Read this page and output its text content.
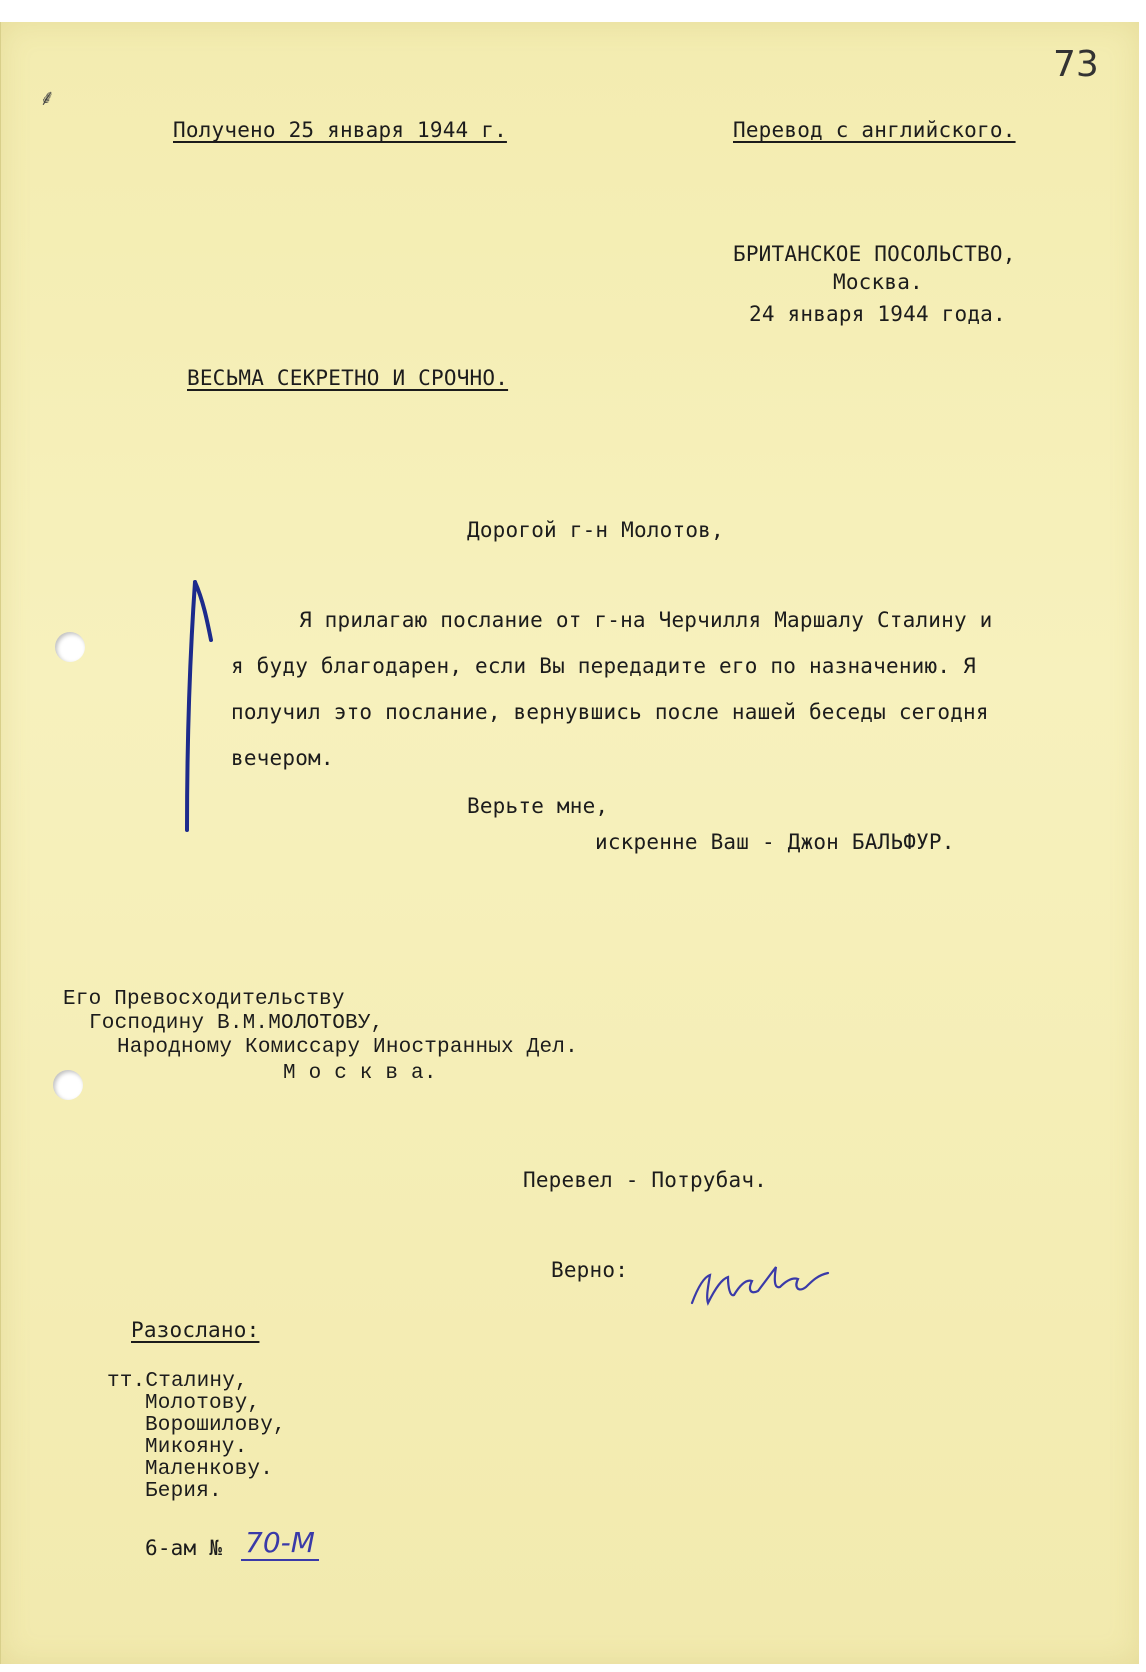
73
⸙
Получено 25 января 1944 г.	Перевод с английского.
БРИТАНСКОЕ ПОСОЛЬСТВО,
Москва.
24 января 1944 года.
ВЕСЬМА СЕКРЕТНО И СРОЧНО.
Дорогой г-н Молотов,
Я прилагаю послание от г-на Черчилля Маршалу Сталину и
я буду благодарен, если Вы передадите его по назначению. Я
получил это послание, вернувшись после нашей беседы сегодня
вечером.
Верьте мне,
искренне Ваш - Джон БАЛЬФУР.
Его Превосходительству
Господину В.М.МОЛОТОВУ,
Народному Комиссару Иностранных Дел.
М о с к в а.
Перевел - Потрубач.
Верно:

Разослано:
тт.Сталину,
Молотову,
Ворошилову,
Микояну.
Маленкову.
Берия.
6-ам № 70-М
